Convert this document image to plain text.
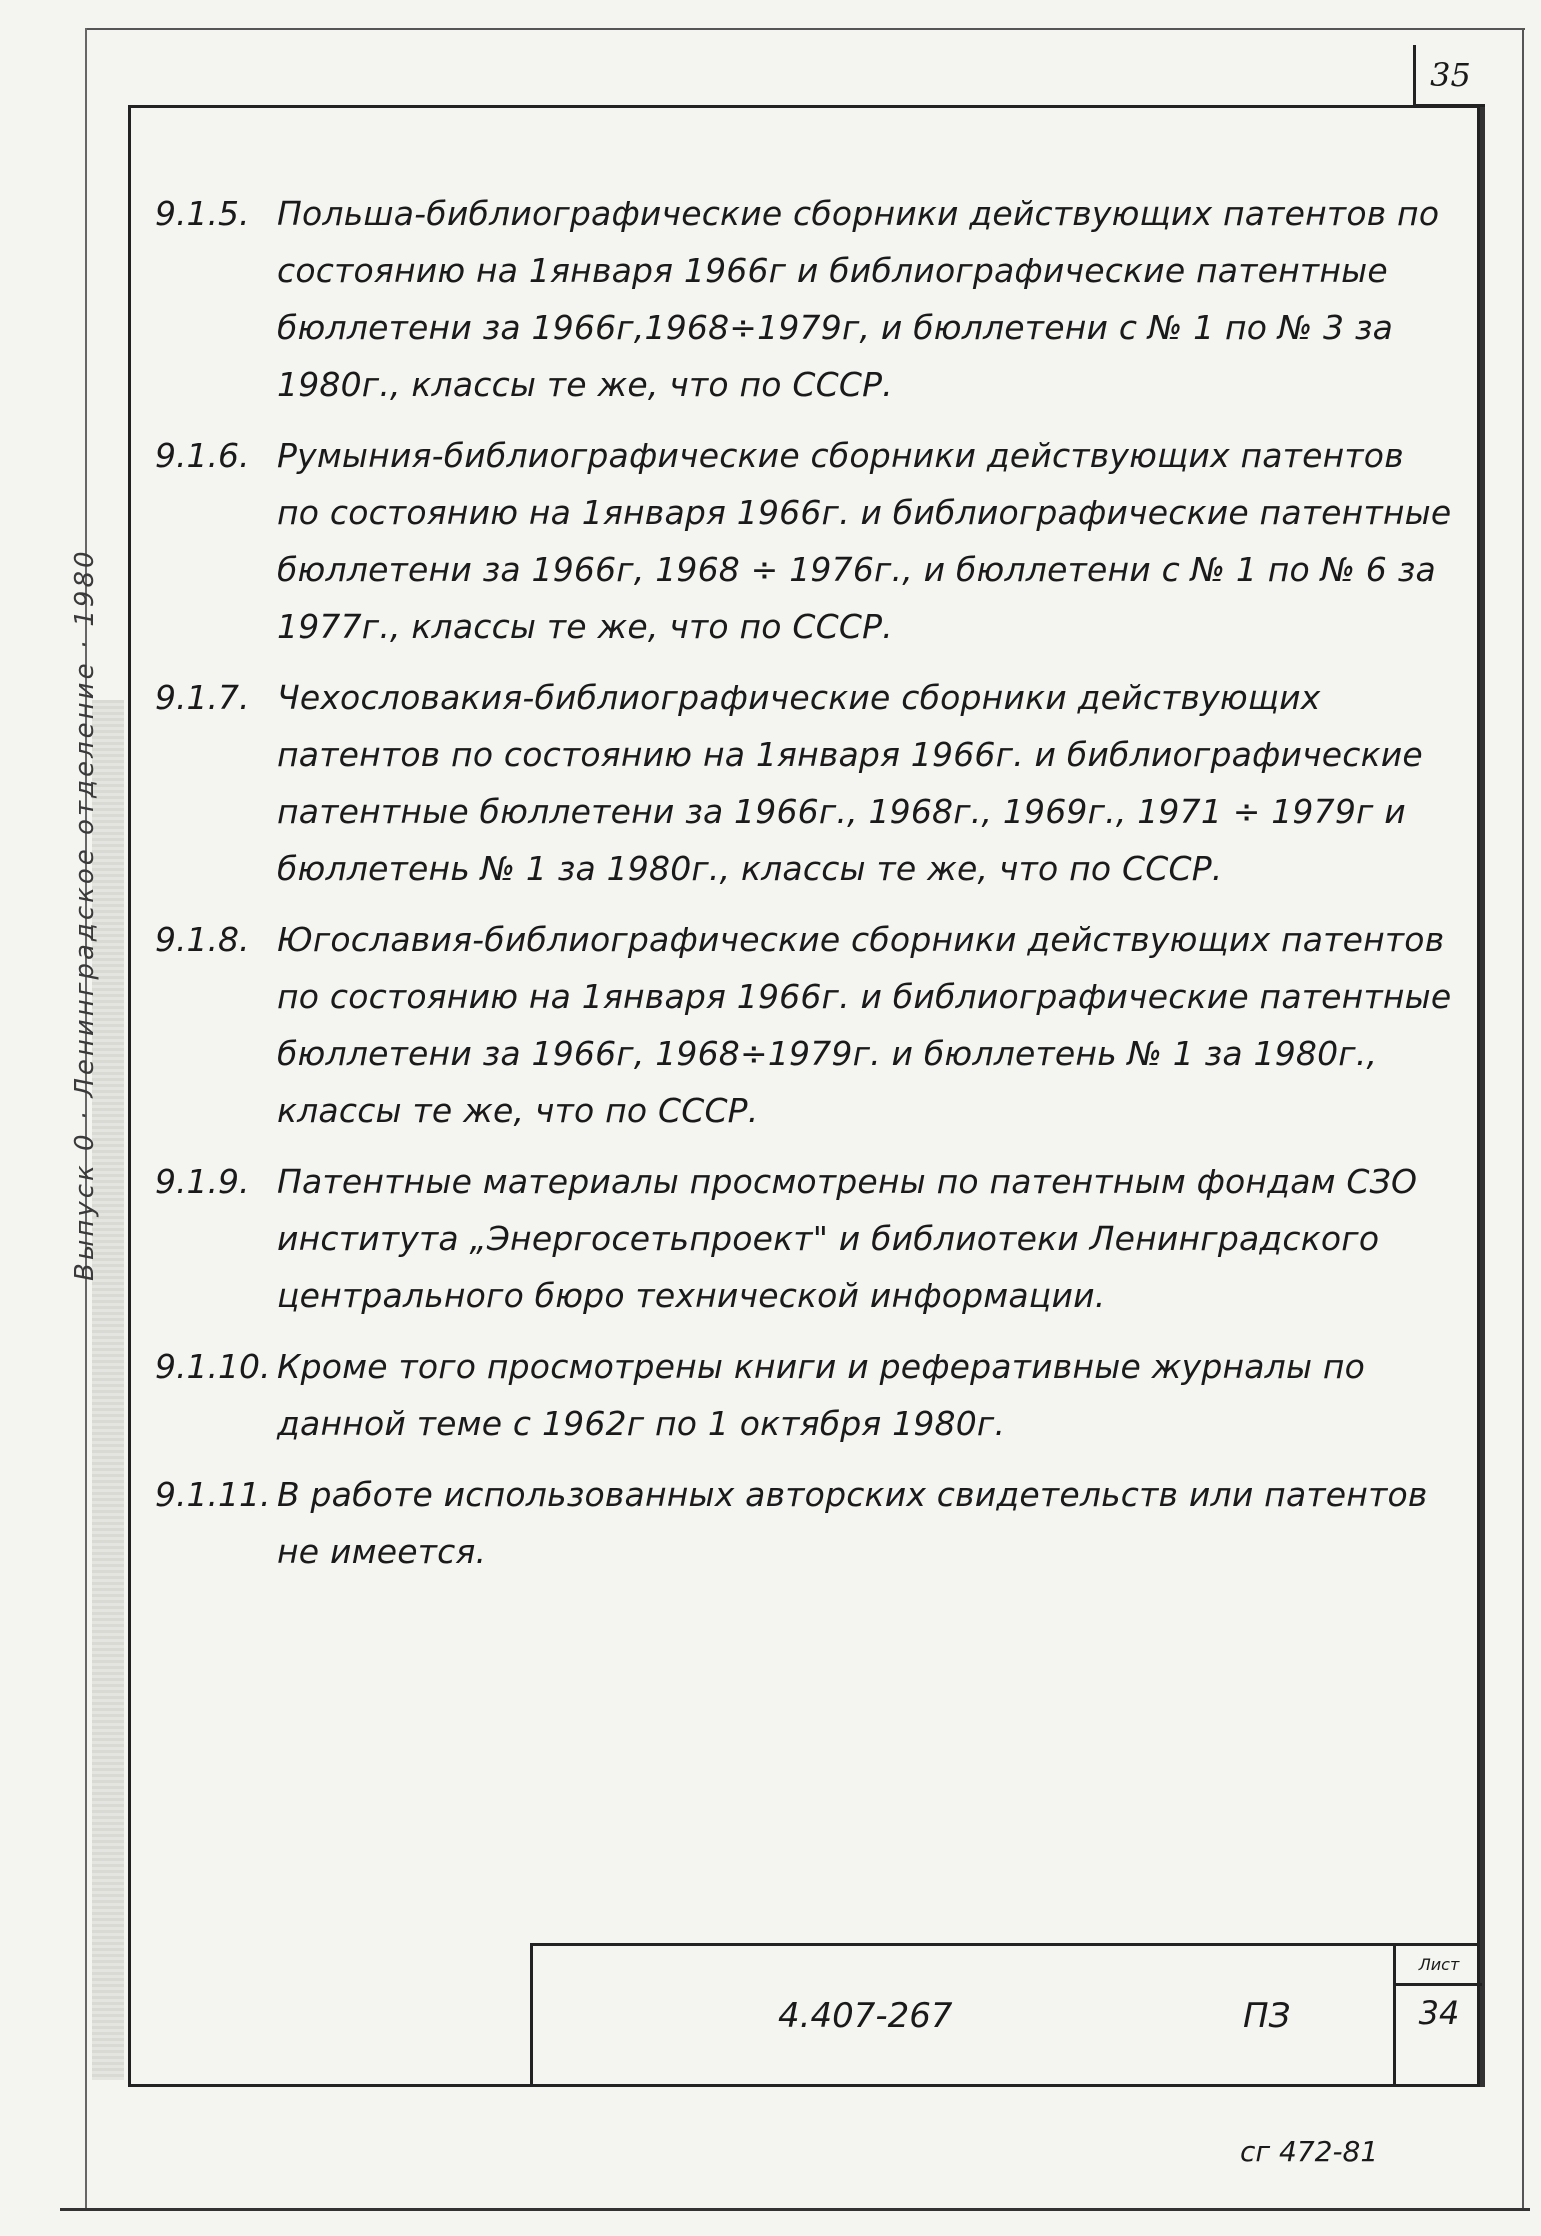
Выпуск 0 · Ленинградское отделение · 1980
35
9.1.5. Польша-библиографические сборники действующих патентов по состоянию на 1января 1966г и библиографические патентные бюллетени за 1966г,1968÷1979г, и бюллетени с № 1 по № 3 за 1980г., классы те же, что по СССР.
9.1.6. Румыния-библиографические сборники действующих патентов по состоянию на 1января 1966г. и библиографические патентные бюллетени за 1966г, 1968 ÷ 1976г., и бюллетени с № 1 по № 6 за 1977г., классы те же, что по СССР.
9.1.7. Чехословакия-библиографические сборники действующих патентов по состоянию на 1января 1966г. и библиографические патентные бюллетени за 1966г., 1968г., 1969г., 1971 ÷ 1979г и бюллетень № 1 за 1980г., классы те же, что по СССР.
9.1.8. Югославия-библиографические сборники действующих патентов по состоянию на 1января 1966г. и библиографические патентные бюллетени за 1966г, 1968÷1979г. и бюллетень № 1 за 1980г., классы те же, что по СССР.
9.1.9. Патентные материалы просмотрены по патентным фондам СЗО института „Энергосетьпроект" и библиотеки Ленинградского центрального бюро технической информации.
9.1.10. Кроме того просмотрены книги и реферативные журналы по данной теме с 1962г по 1 октября 1980г.
9.1.11. В работе использованных авторских свидетельств или патентов не имеется.
4.407-267	ПЗ
Лист
34
сг 472-81
